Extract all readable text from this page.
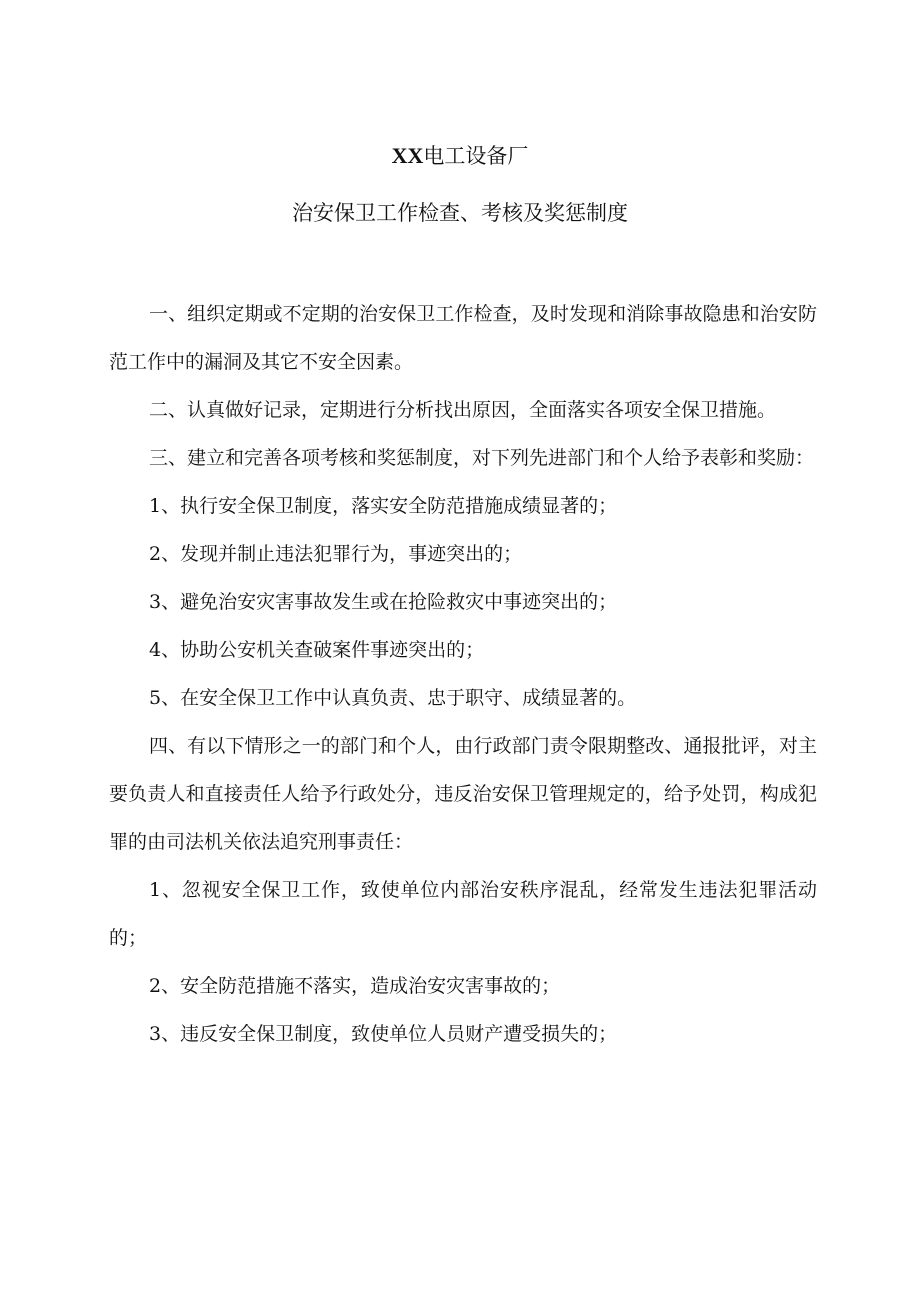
XX电工设备厂
治安保卫工作检查、考核及奖惩制度

一、组织定期或不定期的治安保卫工作检查，及时发现和消除事故隐患和治安防范工作中的漏洞及其它不安全因素。

二、认真做好记录，定期进行分析找出原因，全面落实各项安全保卫措施。

三、建立和完善各项考核和奖惩制度，对下列先进部门和个人给予表彰和奖励：

1、执行安全保卫制度，落实安全防范措施成绩显著的；

2、发现并制止违法犯罪行为，事迹突出的；

3、避免治安灾害事故发生或在抢险救灾中事迹突出的；

4、协助公安机关查破案件事迹突出的；

5、在安全保卫工作中认真负责、忠于职守、成绩显著的。

四、有以下情形之一的部门和个人，由行政部门责令限期整改、通报批评，对主要负责人和直接责任人给予行政处分，违反治安保卫管理规定的，给予处罚，构成犯罪的由司法机关依法追究刑事责任：

1、忽视安全保卫工作，致使单位内部治安秩序混乱，经常发生违法犯罪活动的；

2、安全防范措施不落实，造成治安灾害事故的；

3、违反安全保卫制度，致使单位人员财产遭受损失的；
